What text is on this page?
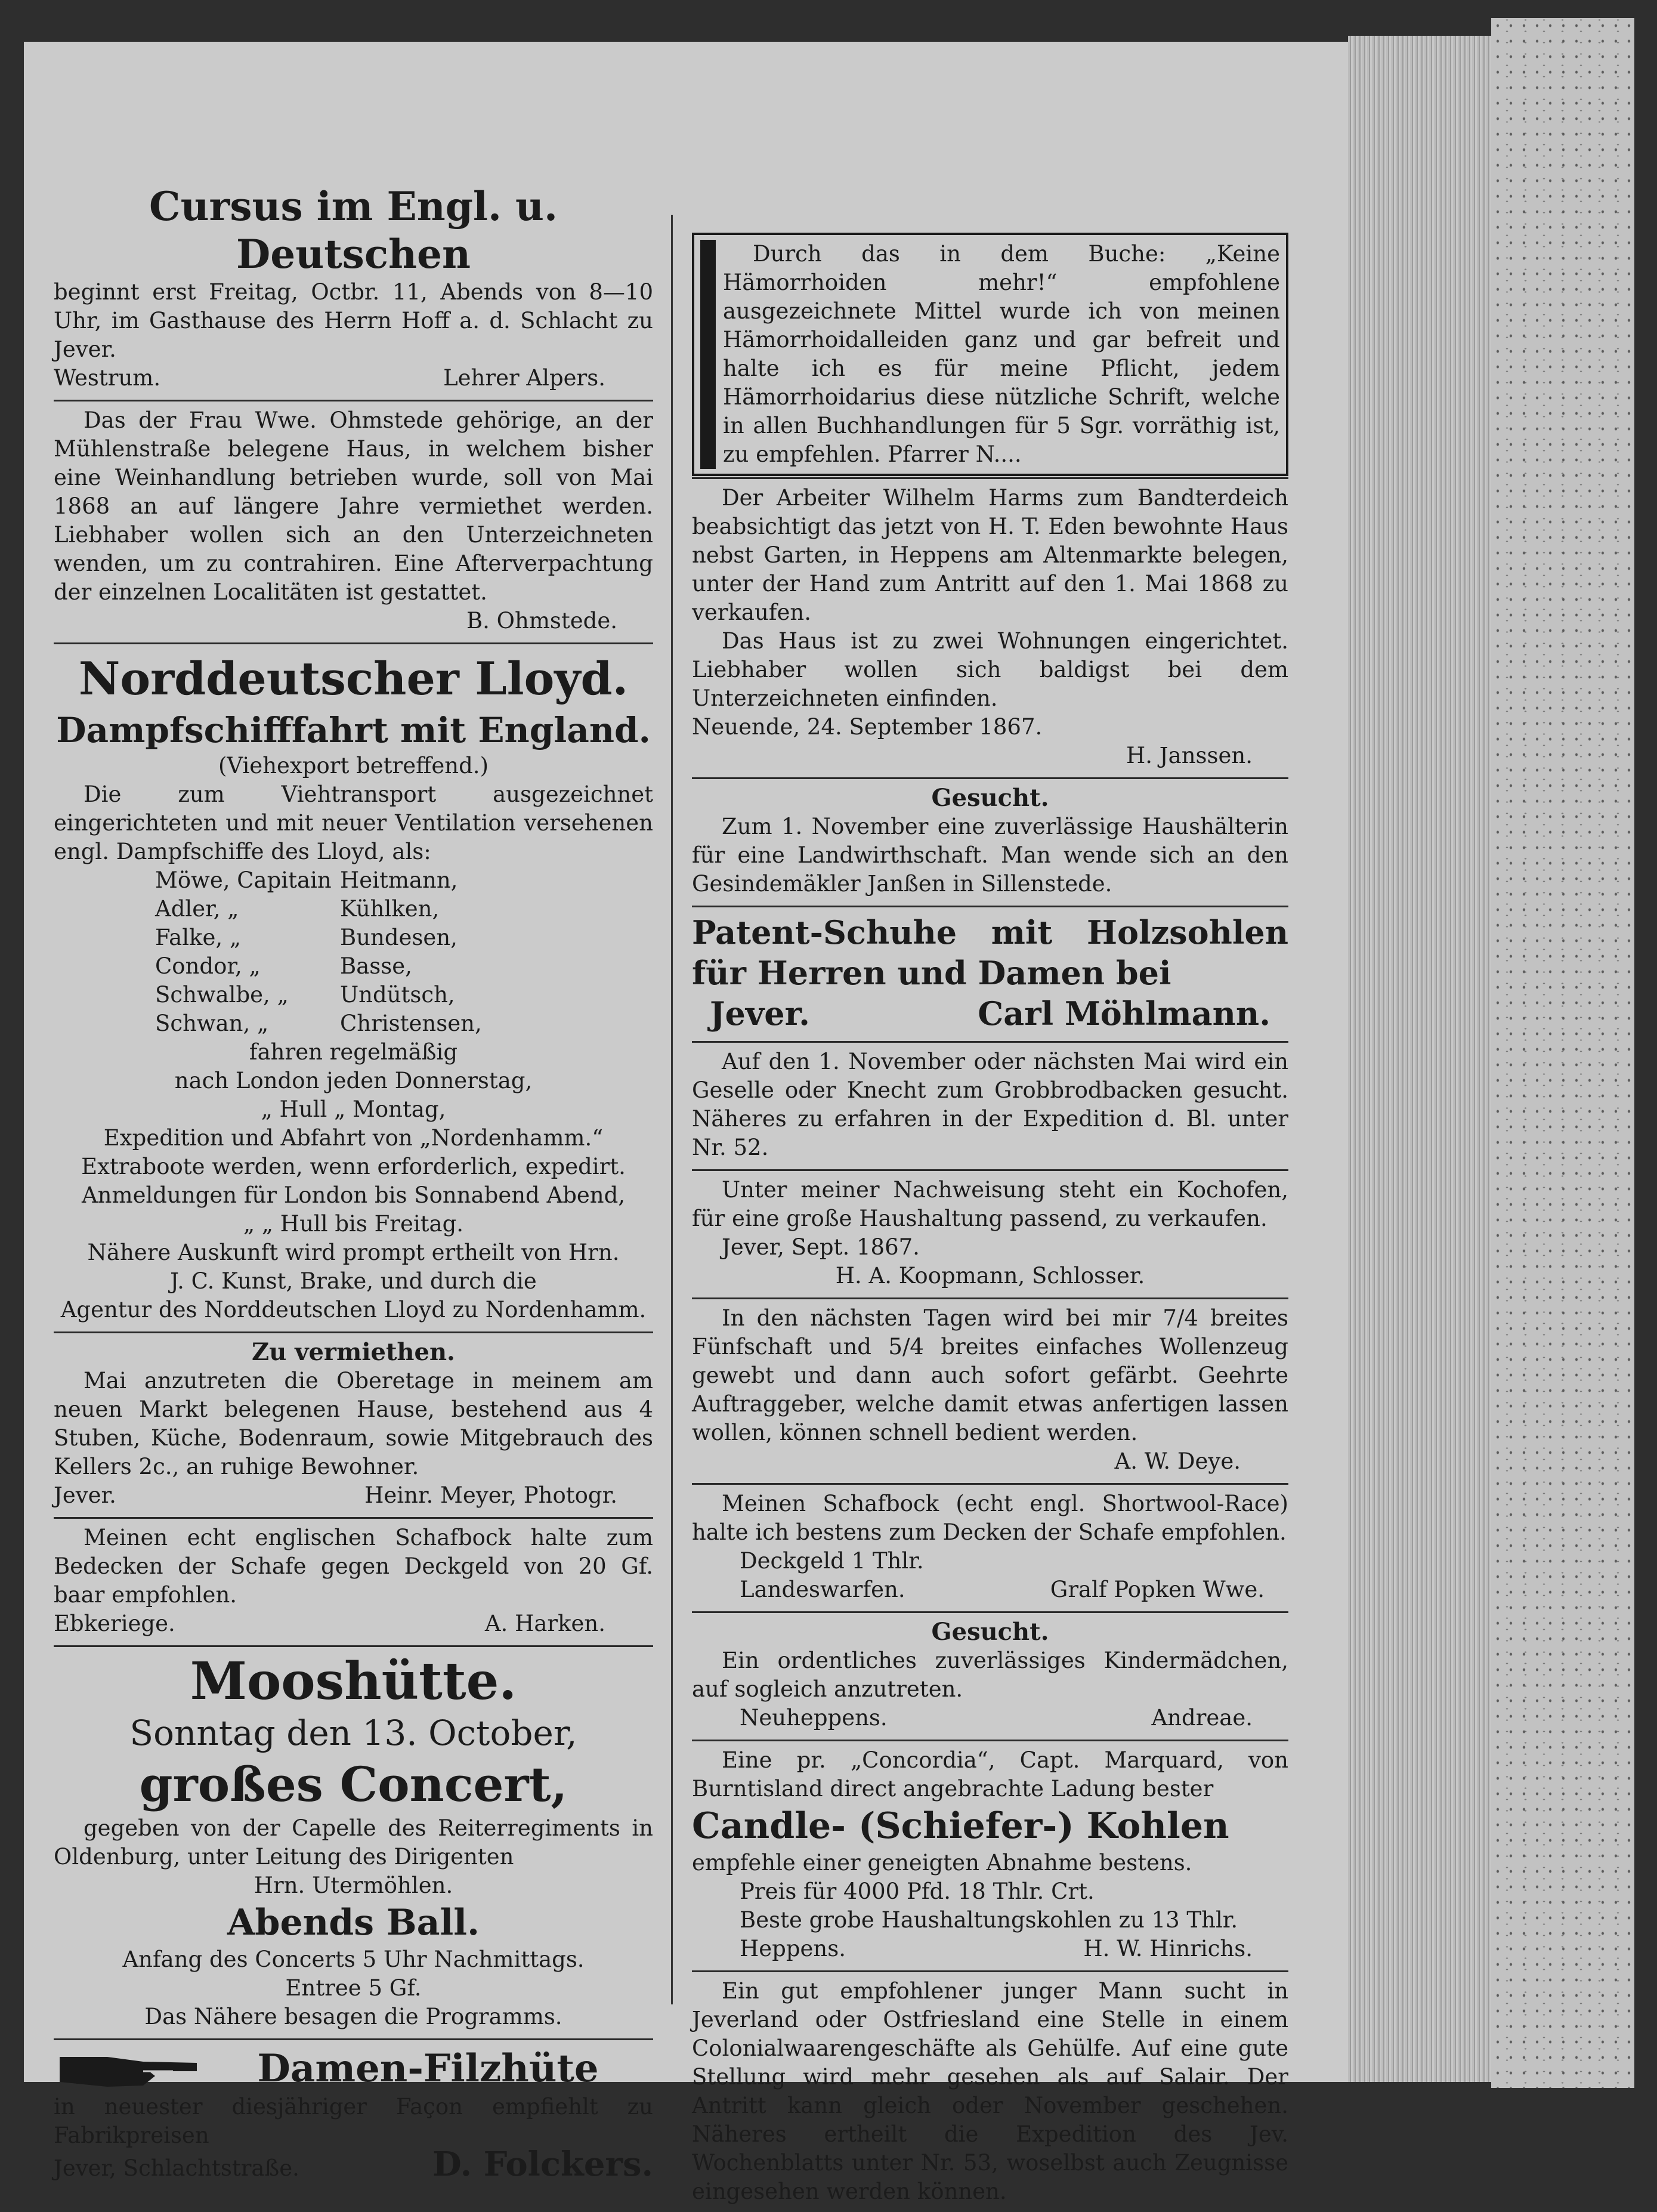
Cursus im Engl. u. Deutschen

beginnt erst Freitag, Octbr. 11, Abends von 8—10 Uhr, im Gasthause des Herrn Hoff a. d. Schlacht zu Jever.

Westrum.	Lehrer Alpers.

Das der Frau Wwe. Ohmstede gehörige, an der Mühlenstraße belegene Haus, in welchem bisher eine Weinhandlung betrieben wurde, soll von Mai 1868 an auf längere Jahre vermiethet werden. Liebhaber wollen sich an den Unterzeichneten wenden, um zu contrahiren. Eine Afterverpachtung der einzelnen Localitäten ist gestattet.

B. Ohmstede.
Norddeutscher Lloyd.
Dampfschifffahrt mit England.
(Viehexport betreffend.)

Die zum Viehtransport ausgezeichnet eingerichteten und mit neuer Ventilation versehenen engl. Dampfschiffe des Lloyd, als:

Möwe, Capitain Heitmann,
Adler, „	Kühlken,
Falke, „	Bundesen,
Condor, „	Basse,
Schwalbe, „	Undütsch,
Schwan, „	Christensen,
fahren regelmäßig
nach London jeden Donnerstag,
„ Hull „ Montag,
Expedition und Abfahrt von „Nordenhamm.“
Extraboote werden, wenn erforderlich, expedirt.
Anmeldungen für London bis Sonnabend Abend,
„ „ Hull bis Freitag.
Nähere Auskunft wird prompt ertheilt von Hrn.
J. C. Kunst, Brake, und durch die
Agentur des Norddeutschen Lloyd zu Nordenhamm.
Zu vermiethen.

Mai anzutreten die Oberetage in meinem am neuen Markt belegenen Hause, bestehend aus 4 Stuben, Küche, Bodenraum, sowie Mitgebrauch des Kellers 2c., an ruhige Bewohner.

Jever.	Heinr. Meyer, Photogr.

Meinen echt englischen Schafbock halte zum Bedecken der Schafe gegen Deckgeld von 20 Gf. baar empfohlen.

Ebkeriege.	A. Harken.
Mooshütte.
Sonntag den 13. October,
großes Concert,

gegeben von der Capelle des Reiterregiments in Oldenburg, unter Leitung des Dirigenten

Hrn. Utermöhlen.
Abends Ball.
Anfang des Concerts 5 Uhr Nachmittags.
Entree 5 Gf.
Das Nähere besagen die Programms.
Damen-Filzhüte

in neuester diesjähriger Façon empfiehlt zu Fabrikpreisen

Jever, Schlachtstraße.	D. Folckers.

Durch das in dem Buche: „Keine Hämorrhoiden mehr!“ empfohlene ausgezeichnete Mittel wurde ich von meinen Hämorrhoidalleiden ganz und gar befreit und halte ich es für meine Pflicht, jedem Hämorrhoidarius diese nützliche Schrift, welche in allen Buchhandlungen für 5 Sgr. vorräthig ist, zu empfehlen. Pfarrer N....

Der Arbeiter Wilhelm Harms zum Bandterdeich beabsichtigt das jetzt von H. T. Eden bewohnte Haus nebst Garten, in Heppens am Altenmarkte belegen, unter der Hand zum Antritt auf den 1. Mai 1868 zu verkaufen.

Das Haus ist zu zwei Wohnungen eingerichtet. Liebhaber wollen sich baldigst bei dem Unterzeichneten einfinden.

Neuende, 24. September 1867.
H. Janssen.
Gesucht.

Zum 1. November eine zuverlässige Haushälterin für eine Landwirthschaft. Man wende sich an den Gesindemäkler Janßen in Sillenstede.

Patent-Schuhe mit Holzsohlen für Herren und Damen bei

Jever.	Carl Möhlmann.

Auf den 1. November oder nächsten Mai wird ein Geselle oder Knecht zum Grobbrodbacken gesucht. Näheres zu erfahren in der Expedition d. Bl. unter Nr. 52.

Unter meiner Nachweisung steht ein Kochofen, für eine große Haushaltung passend, zu verkaufen.

Jever, Sept. 1867.
H. A. Koopmann, Schlosser.

In den nächsten Tagen wird bei mir 7/4 breites Fünfschaft und 5/4 breites einfaches Wollenzeug gewebt und dann auch sofort gefärbt. Geehrte Auftraggeber, welche damit etwas anfertigen lassen wollen, können schnell bedient werden.

A. W. Deye.

Meinen Schafbock (echt engl. Shortwool-Race) halte ich bestens zum Decken der Schafe empfohlen.

Deckgeld 1 Thlr.
Landeswarfen.	Gralf Popken Wwe.
Gesucht.

Ein ordentliches zuverlässiges Kindermädchen, auf sogleich anzutreten.

Neuheppens.	Andreae.

Eine pr. „Concordia“, Capt. Marquard, von Burntisland direct angebrachte Ladung bester

Candle- (Schiefer-) Kohlen
empfehle einer geneigten Abnahme bestens.
Preis für 4000 Pfd. 18 Thlr. Crt.
Beste grobe Haushaltungskohlen zu 13 Thlr.
Heppens.	H. W. Hinrichs.

Ein gut empfohlener junger Mann sucht in Jeverland oder Ostfriesland eine Stelle in einem Colonialwaarengeschäfte als Gehülfe. Auf eine gute Stellung wird mehr gesehen als auf Salair. Der Antritt kann gleich oder November geschehen. Näheres ertheilt die Expedition des Jev. Wochenblatts unter Nr. 53, woselbst auch Zeugnisse eingesehen werden können.
